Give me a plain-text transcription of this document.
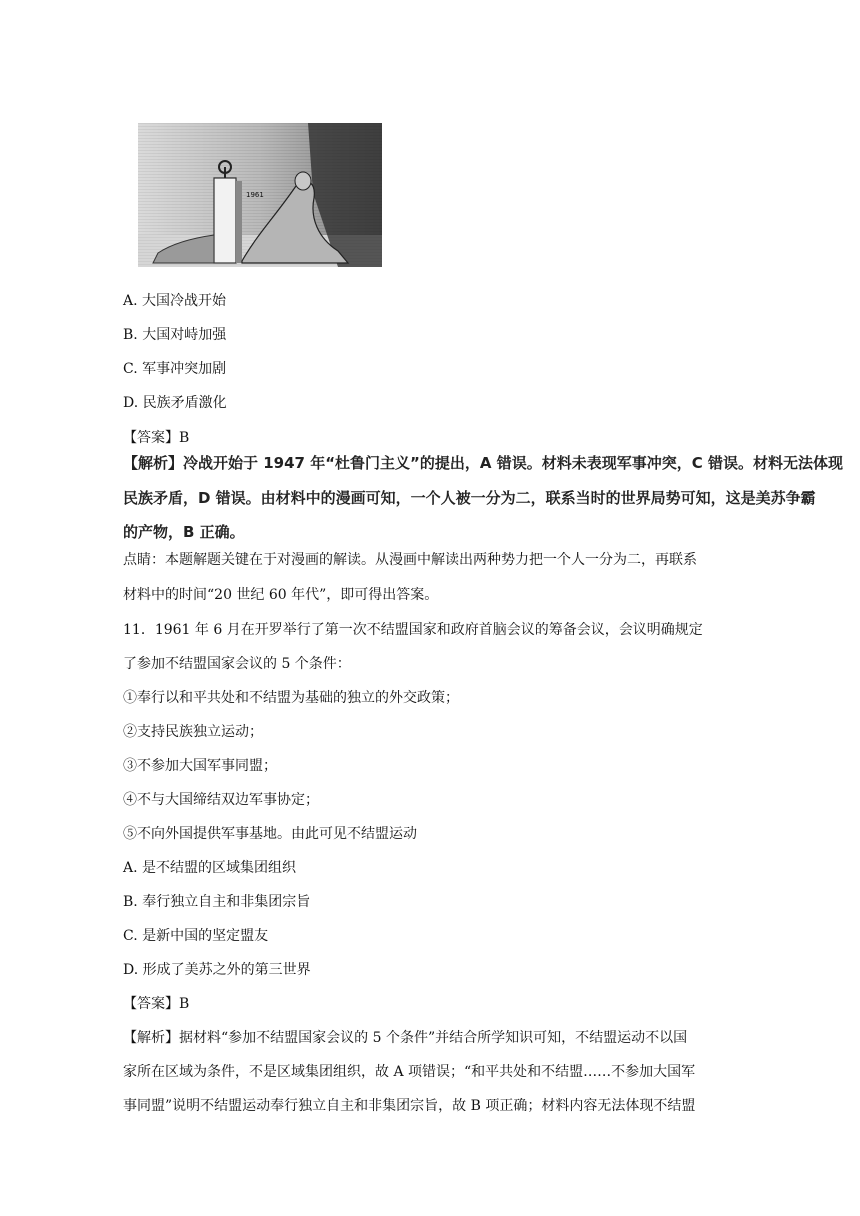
1961
A. 大国冷战开始
B. 大国对峙加强
C. 军事冲突加剧
D. 民族矛盾激化
【答案】B
【解析】冷战开始于 1947 年“杜鲁门主义”的提出，A 错误。材料未表现军事冲突，C 错误。材料无法体现
民族矛盾，D 错误。由材料中的漫画可知，一个人被一分为二，联系当时的世界局势可知，这是美苏争霸
的产物，B 正确。
点睛：本题解题关键在于对漫画的解读。从漫画中解读出两种势力把一个人一分为二，再联系
材料中的时间“20 世纪 60 年代”，即可得出答案。
11．1961 年 6 月在开罗举行了第一次不结盟国家和政府首脑会议的筹备会议，会议明确规定
了参加不结盟国家会议的 5 个条件：
①奉行以和平共处和不结盟为基础的独立的外交政策；
②支持民族独立运动；
③不参加大国军事同盟；
④不与大国缔结双边军事协定；
⑤不向外国提供军事基地。由此可见不结盟运动
A. 是不结盟的区域集团组织
B. 奉行独立自主和非集团宗旨
C. 是新中国的坚定盟友
D. 形成了美苏之外的第三世界
【答案】B
【解析】据材料“参加不结盟国家会议的 5 个条件”并结合所学知识可知，不结盟运动不以国
家所在区域为条件，不是区域集团组织，故 A 项错误；“和平共处和不结盟……不参加大国军
事同盟”说明不结盟运动奉行独立自主和非集团宗旨，故 B 项正确；材料内容无法体现不结盟
